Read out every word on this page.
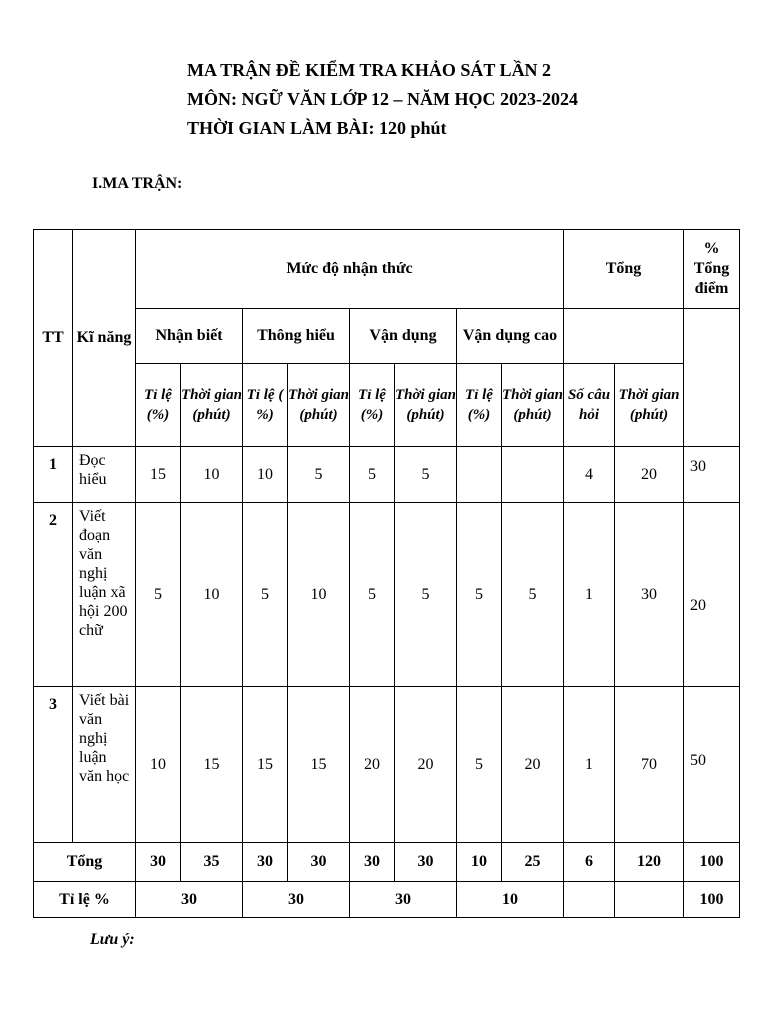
MA TRẬN ĐỀ KIỂM TRA KHẢO SÁT LẦN 2
MÔN: NGỮ VĂN LỚP 12 – NĂM HỌC 2023-2024
THỜI GIAN LÀM BÀI: 120 phút
I.MA TRẬN:
TT	Kĩ năng	Mức độ nhận thức								Tổng		% Tổng điểm
		Nhận biết		Thông hiểu		Vận dụng		Vận dụng cao				
		Tỉ lệ (%)	Thời gian (phút)	Tỉ lệ ( %)	Thời gian (phút)	Tỉ lệ (%)	Thời gian (phút)	Tỉ lệ (%)	Thời gian (phút)	Số câu hỏi	Thời gian (phút)	
1	Đọc hiểu	15	10	10	5	5	5			4	20	30
2	Viết đoạn văn nghị luận xã hội 200 chữ	5	10	5	10	5	5	5	5	1	30	20
3	Viết bài văn nghị luận văn học	10	15	15	15	20	20	5	20	1	70	50
Tổng		30	35	30	30	30	30	10	25	6	120	100
Tỉ lệ %		30		30		30		10				100
Lưu ý:
